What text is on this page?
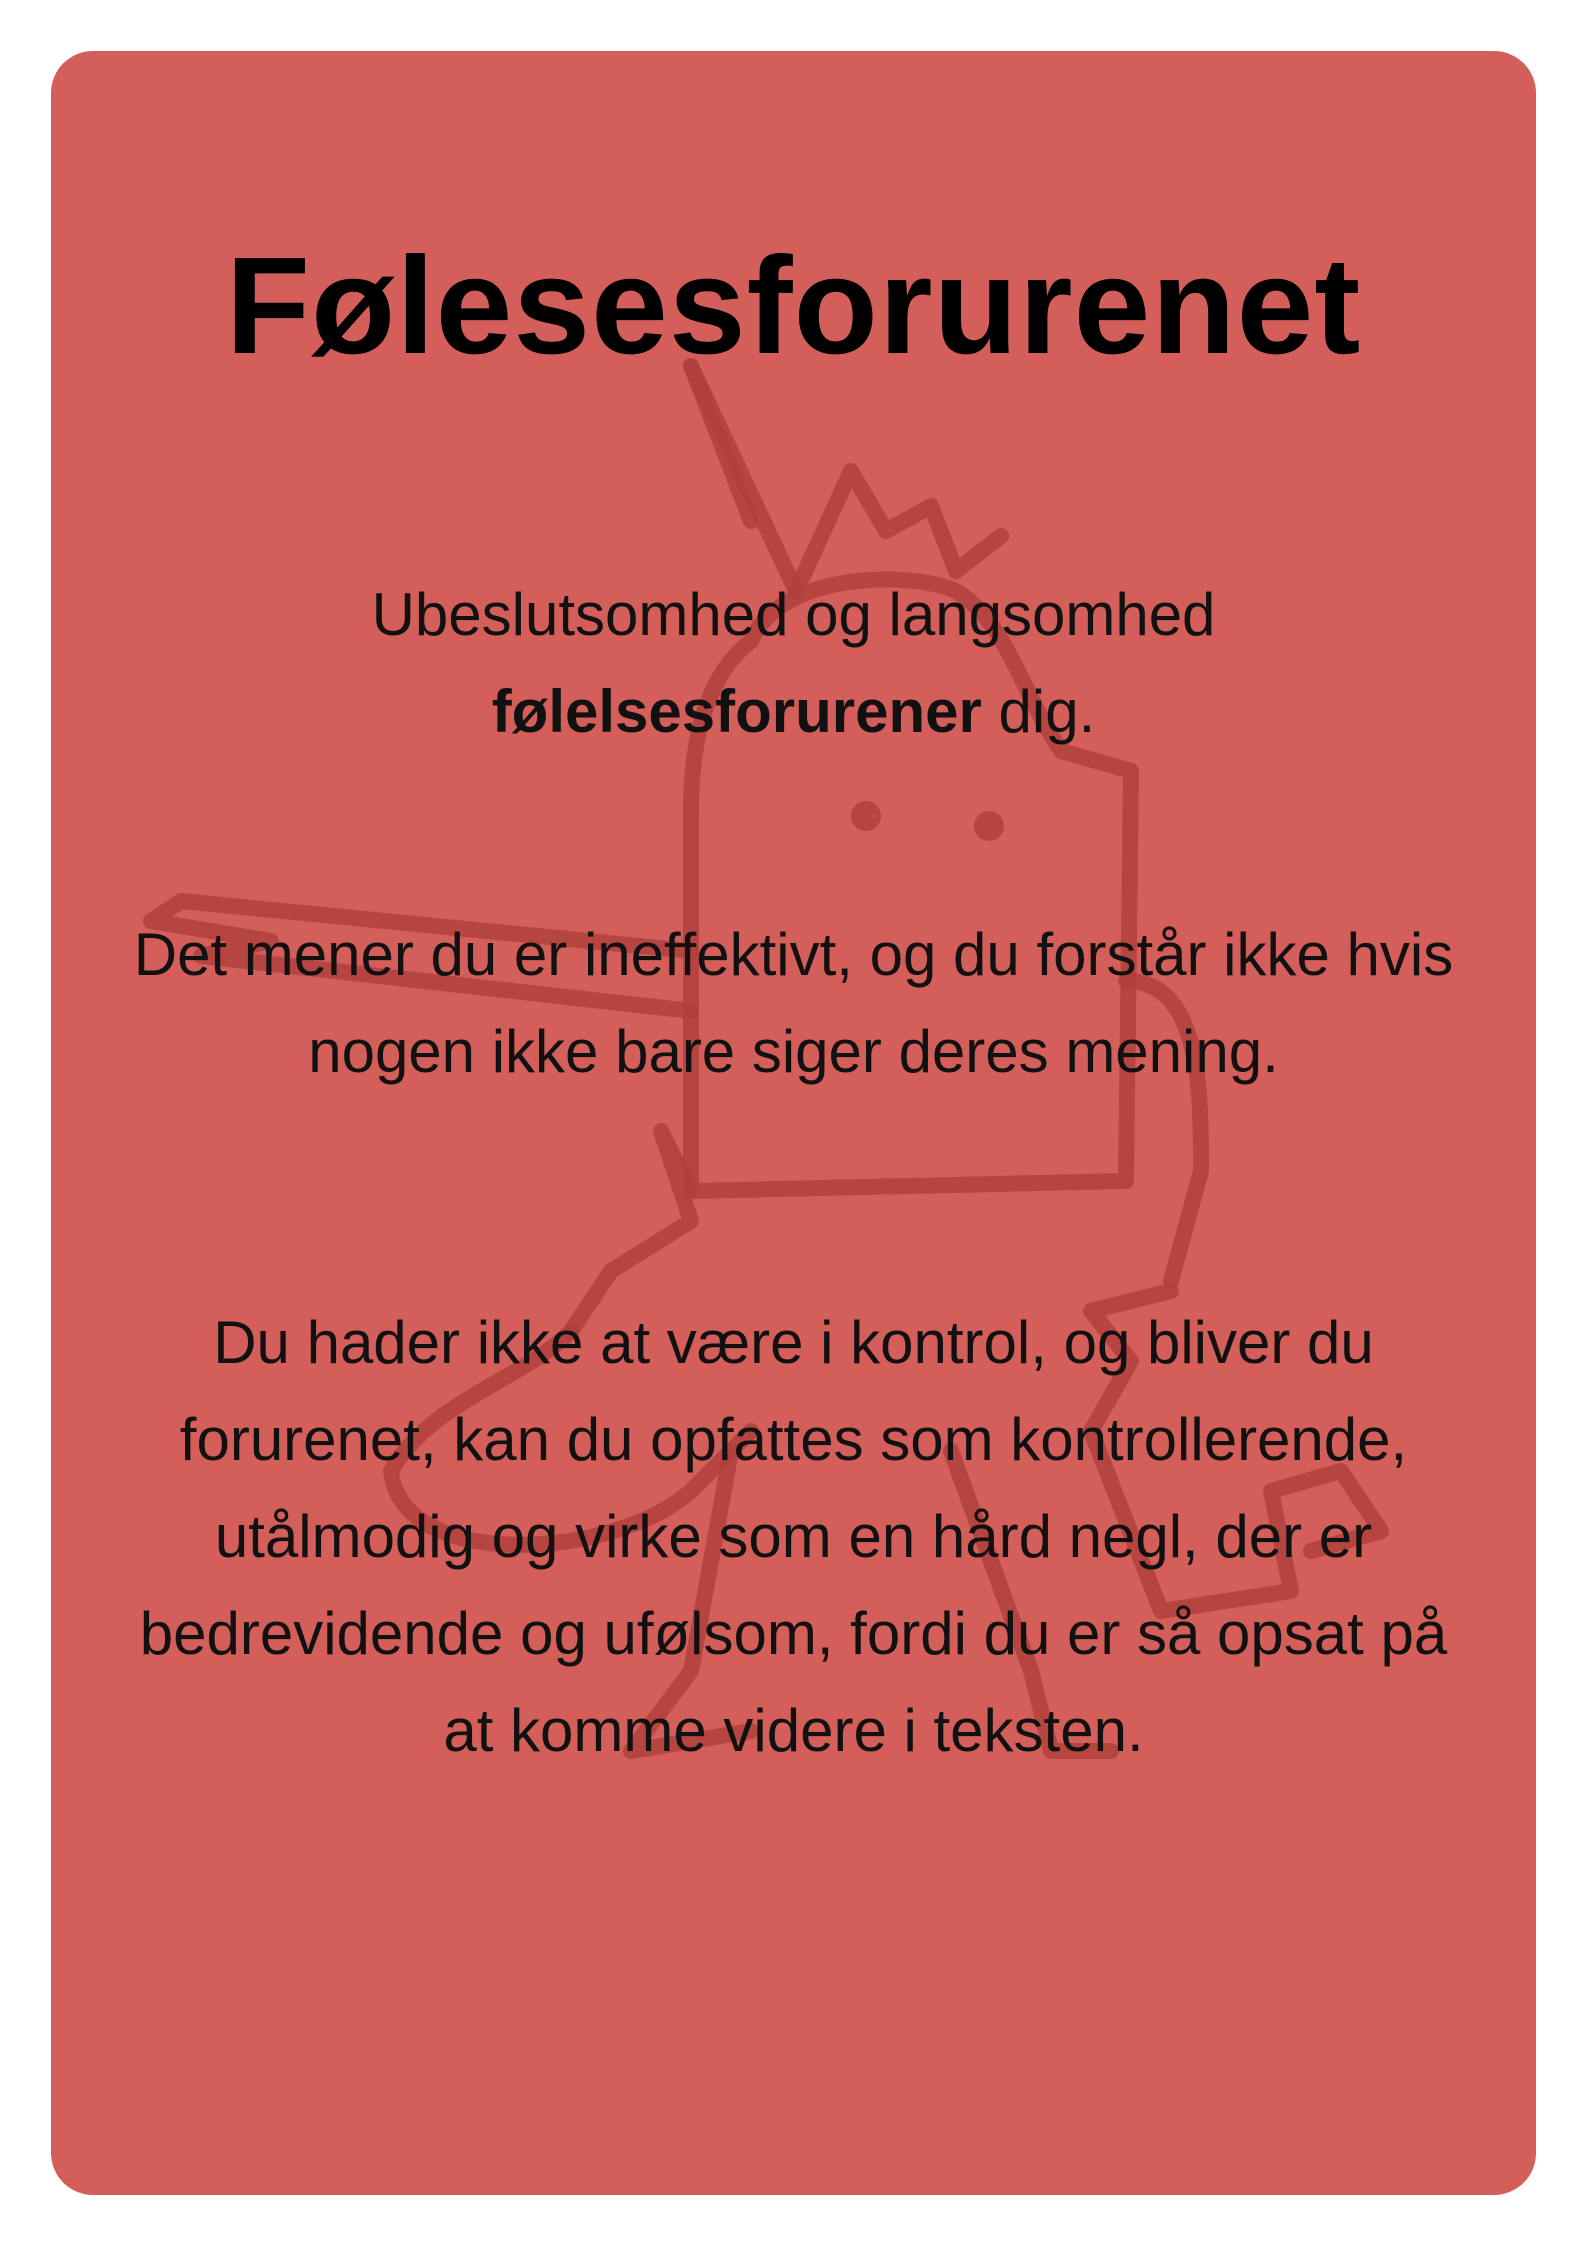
Følesesforurenet

Ubeslutsomhed og langsomhed
følelsesforurener dig.

Det mener du er ineffektivt, og du forstår ikke hvis nogen ikke bare siger deres mening.

Du hader ikke at være i kontrol, og bliver du forurenet, kan du opfattes som kontrollerende, utålmodig og virke som en hård negl, der er bedrevidende og ufølsom, fordi du er så opsat på at komme videre i teksten.
